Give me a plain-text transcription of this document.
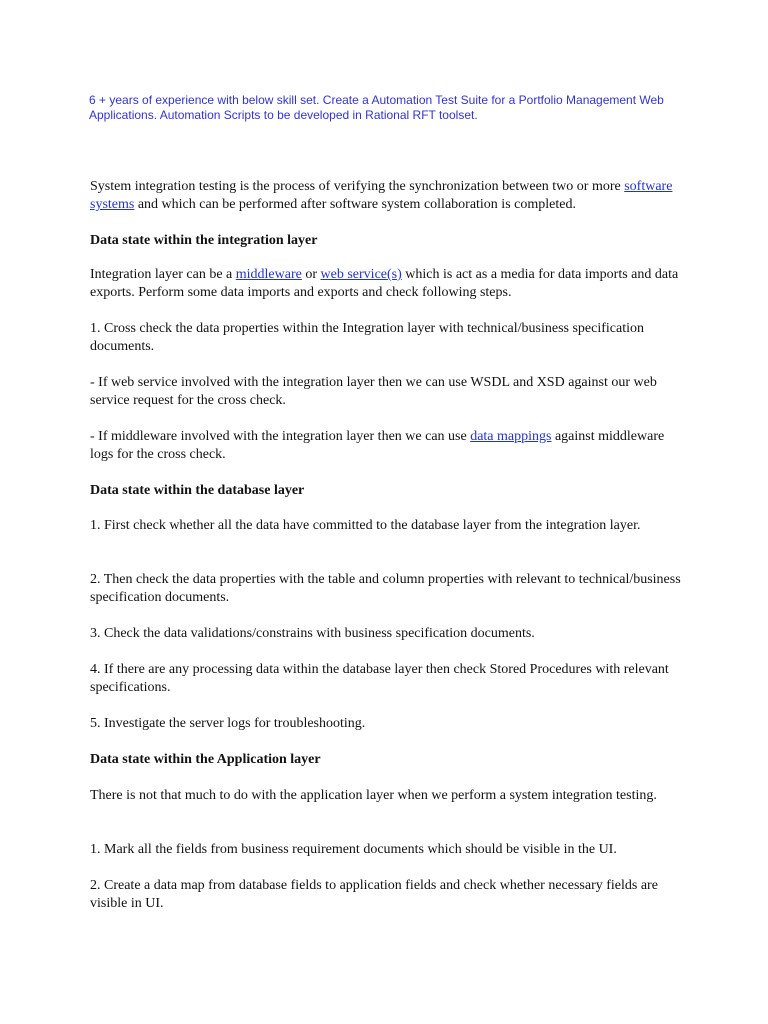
6 + years of experience with below skill set. Create a Automation Test Suite for a Portfolio Management Web Applications. Automation Scripts to be developed in Rational RFT toolset.

System integration testing is the process of verifying the synchronization between two or more software systems and which can be performed after software system collaboration is completed.

Data state within the integration layer

Integration layer can be a middleware or web service(s) which is act as a media for data imports and data exports. Perform some data imports and exports and check following steps.

1. Cross check the data properties within the Integration layer with technical/business specification documents.

- If web service involved with the integration layer then we can use WSDL and XSD against our web service request for the cross check.

- If middleware involved with the integration layer then we can use data mappings against middleware logs for the cross check.

Data state within the database layer

1. First check whether all the data have committed to the database layer from the integration layer.

2. Then check the data properties with the table and column properties with relevant to technical/business specification documents.

3. Check the data validations/constrains with business specification documents.

4. If there are any processing data within the database layer then check Stored Procedures with relevant specifications.

5. Investigate the server logs for troubleshooting.

Data state within the Application layer

There is not that much to do with the application layer when we perform a system integration testing.

1. Mark all the fields from business requirement documents which should be visible in the UI.

2. Create a data map from database fields to application fields and check whether necessary fields are visible in UI.
